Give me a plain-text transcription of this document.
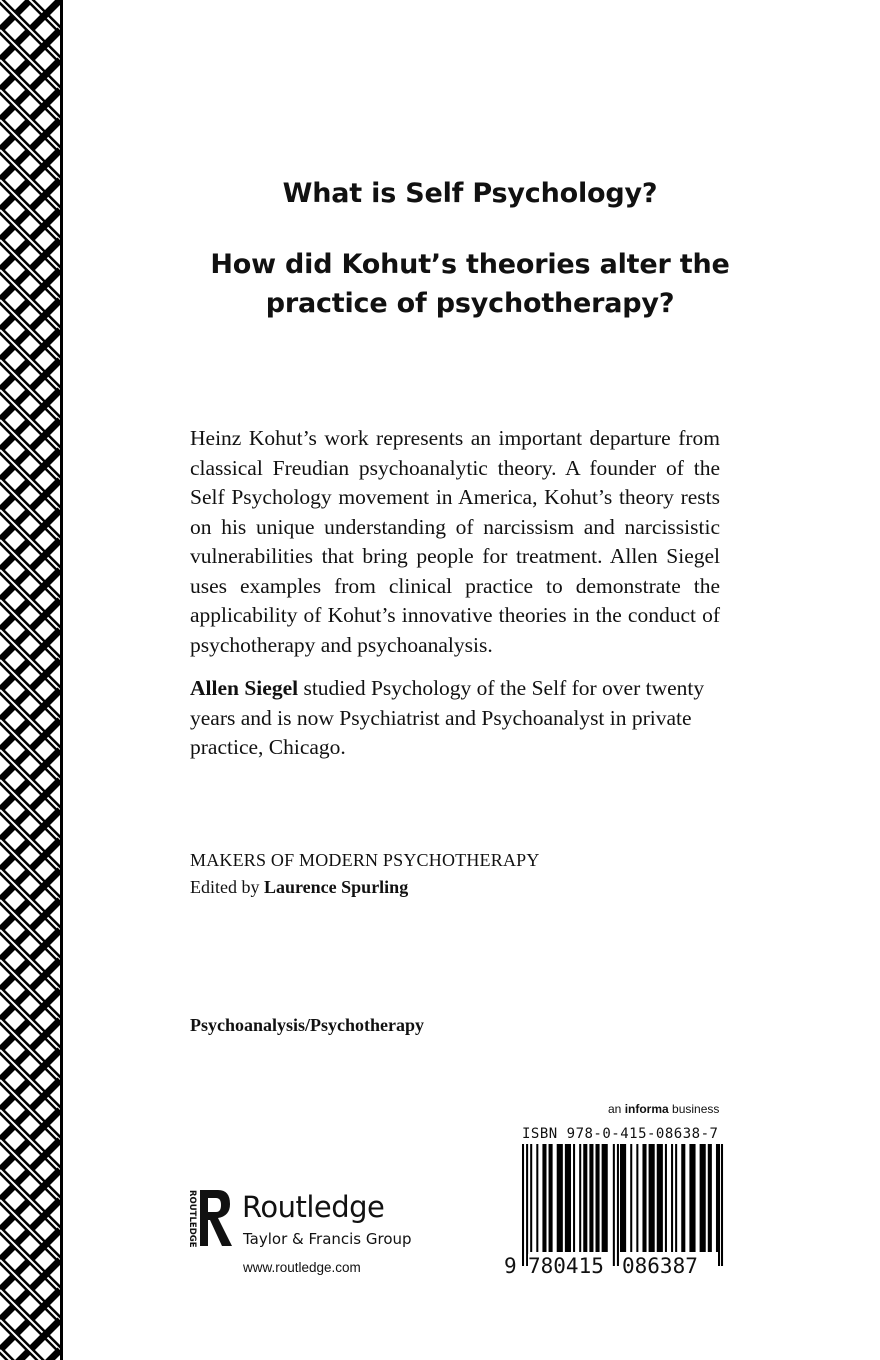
What is Self Psychology?
How did Kohut’s theories alter the
practice of psychotherapy?

Heinz Kohut’s work represents an important departure from classical Freudian psychoanalytic theory. A founder of the Self Psychology movement in America, Kohut’s theory rests on his unique understanding of narcissism and narcissistic vulnerabilities that bring people for treatment. Allen Siegel uses examples from clinical practice to demonstrate the applicability of Kohut’s innovative theories in the conduct of psychotherapy and psychoanalysis.

Allen Siegel studied Psychology of the Self for over twenty years and is now Psychiatrist and Psychoanalyst in private practice, Chicago.
MAKERS OF MODERN PSYCHOTHERAPY
Edited by Laurence Spurling
Psychoanalysis/Psychotherapy
an informa business
ISBN 978-0-415-08638-7
9 780415 086387
ROUTLEDGE Routledge
Taylor & Francis Group
www.routledge.com
